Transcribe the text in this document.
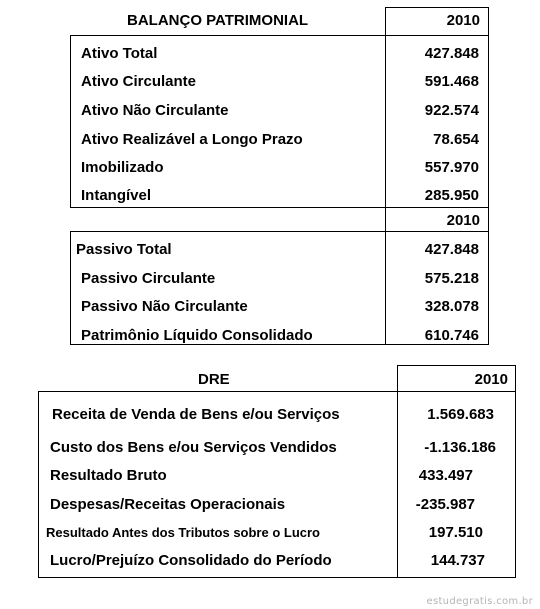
BALANÇO PATRIMONIAL	2010
Ativo Total	427.848
Ativo Circulante	591.468
Ativo Não Circulante	922.574
Ativo Realizável a Longo Prazo	78.654
Imobilizado	557.970
Intangível	285.950
2010
Passivo Total	427.848
Passivo Circulante	575.218
Passivo Não Circulante	328.078
Patrimônio Líquido Consolidado	610.746
DRE	2010
Receita de Venda de Bens e/ou Serviços	1.569.683
Custo dos Bens e/ou Serviços Vendidos	-1.136.186
Resultado Bruto	433.497
Despesas/Receitas Operacionais	-235.987
Resultado Antes dos Tributos sobre o Lucro	197.510
Lucro/Prejuízo Consolidado do Período	144.737
estudegratis.com.br
